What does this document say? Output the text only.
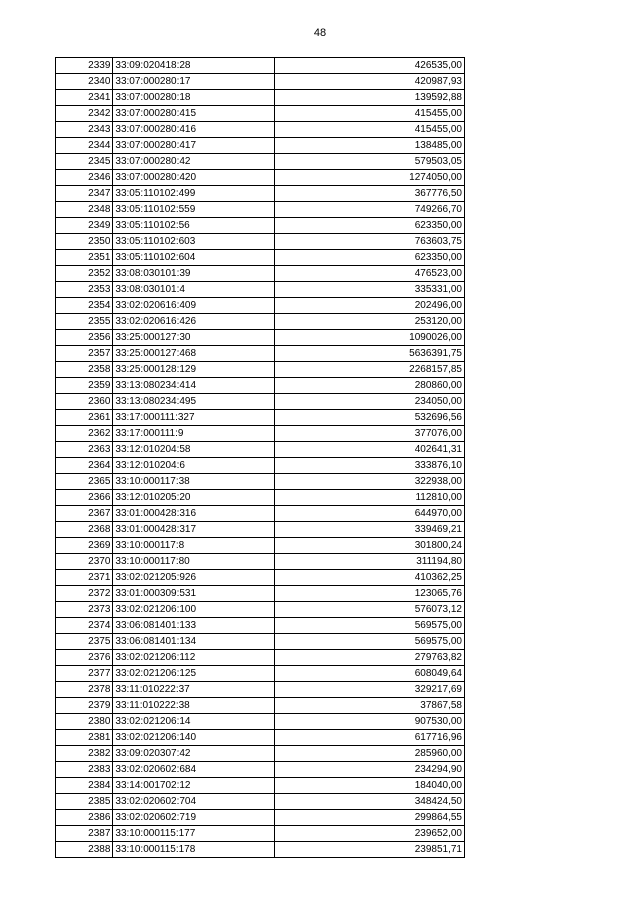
48
2339	33:09:020418:28	426535,00
2340	33:07:000280:17	420987,93
2341	33:07:000280:18	139592,88
2342	33:07:000280:415	415455,00
2343	33:07:000280:416	415455,00
2344	33:07:000280:417	138485,00
2345	33:07:000280:42	579503,05
2346	33:07:000280:420	1274050,00
2347	33:05:110102:499	367776,50
2348	33:05:110102:559	749266,70
2349	33:05:110102:56	623350,00
2350	33:05:110102:603	763603,75
2351	33:05:110102:604	623350,00
2352	33:08:030101:39	476523,00
2353	33:08:030101:4	335331,00
2354	33:02:020616:409	202496,00
2355	33:02:020616:426	253120,00
2356	33:25:000127:30	1090026,00
2357	33:25:000127:468	5636391,75
2358	33:25:000128:129	2268157,85
2359	33:13:080234:414	280860,00
2360	33:13:080234:495	234050,00
2361	33:17:000111:327	532696,56
2362	33:17:000111:9	377076,00
2363	33:12:010204:58	402641,31
2364	33:12:010204:6	333876,10
2365	33:10:000117:38	322938,00
2366	33:12:010205:20	112810,00
2367	33:01:000428:316	644970,00
2368	33:01:000428:317	339469,21
2369	33:10:000117:8	301800,24
2370	33:10:000117:80	311194,80
2371	33:02:021205:926	410362,25
2372	33:01:000309:531	123065,76
2373	33:02:021206:100	576073,12
2374	33:06:081401:133	569575,00
2375	33:06:081401:134	569575,00
2376	33:02:021206:112	279763,82
2377	33:02:021206:125	608049,64
2378	33:11:010222:37	329217,69
2379	33:11:010222:38	37867,58
2380	33:02:021206:14	907530,00
2381	33:02:021206:140	617716,96
2382	33:09:020307:42	285960,00
2383	33:02:020602:684	234294,90
2384	33:14:001702:12	184040,00
2385	33:02:020602:704	348424,50
2386	33:02:020602:719	299864,55
2387	33:10:000115:177	239652,00
2388	33:10:000115:178	239851,71
